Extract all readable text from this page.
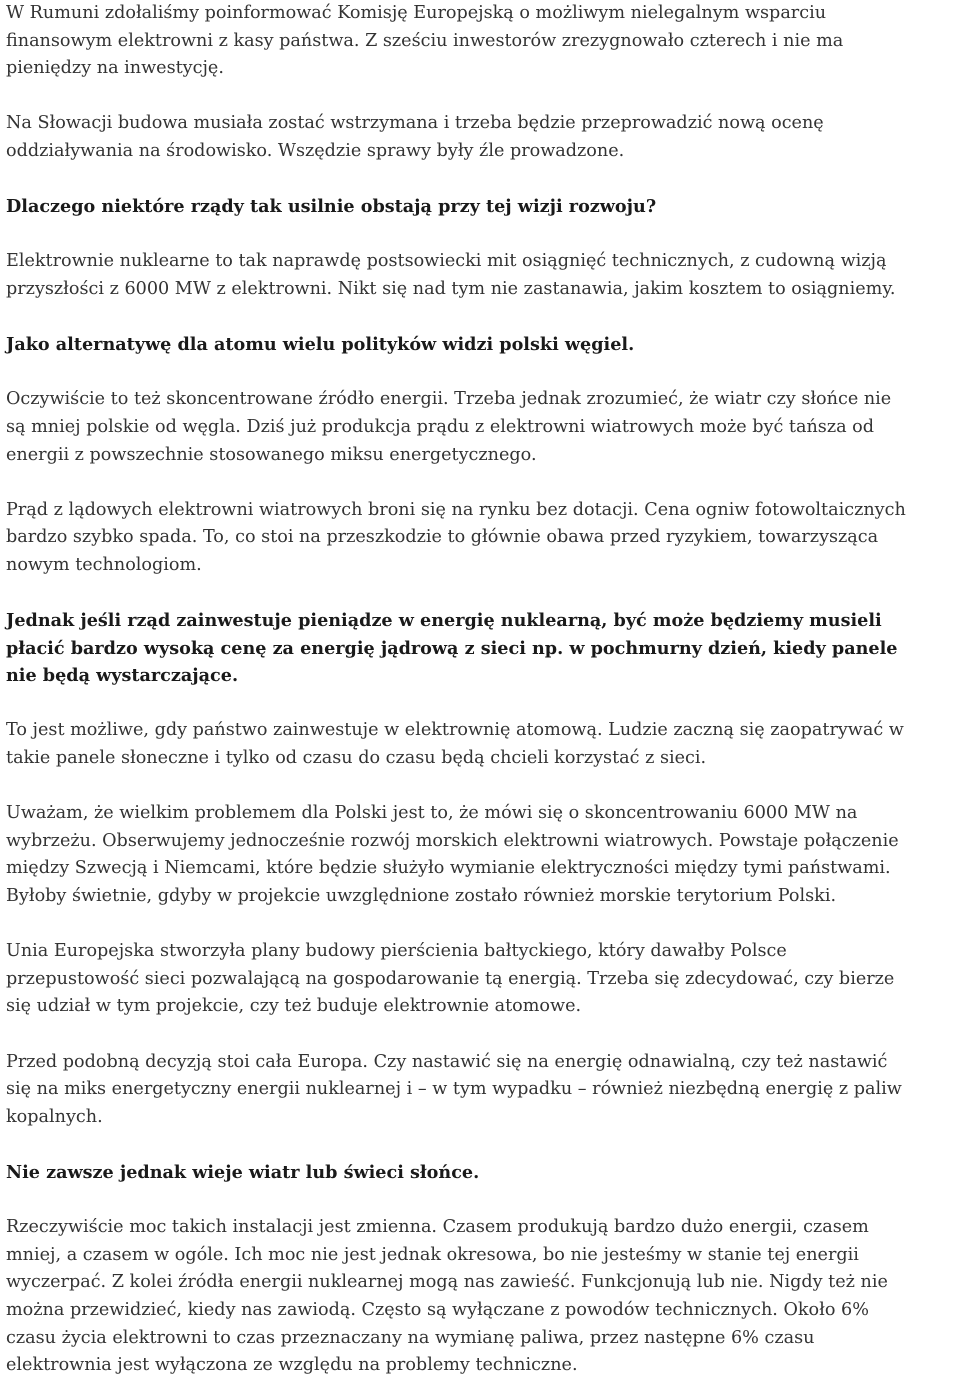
W Rumuni zdołaliśmy poinformować Komisję Europejską o możliwym nielegalnym wsparciu
finansowym elektrowni z kasy państwa. Z sześciu inwestorów zrezygnowało czterech i nie ma
pieniędzy na inwestycję.

Na Słowacji budowa musiała zostać wstrzymana i trzeba będzie przeprowadzić nową ocenę
oddziaływania na środowisko. Wszędzie sprawy były źle prowadzone.

Dlaczego niektóre rządy tak usilnie obstają przy tej wizji rozwoju?

Elektrownie nuklearne to tak naprawdę postsowiecki mit osiągnięć technicznych, z cudowną wizją
przyszłości z 6000 MW z elektrowni. Nikt się nad tym nie zastanawia, jakim kosztem to osiągniemy.

Jako alternatywę dla atomu wielu polityków widzi polski węgiel.

Oczywiście to też skoncentrowane źródło energii. Trzeba jednak zrozumieć, że wiatr czy słońce nie
są mniej polskie od węgla. Dziś już produkcja prądu z elektrowni wiatrowych może być tańsza od
energii z powszechnie stosowanego miksu energetycznego.

Prąd z lądowych elektrowni wiatrowych broni się na rynku bez dotacji. Cena ogniw fotowoltaicznych
bardzo szybko spada. To, co stoi na przeszkodzie to głównie obawa przed ryzykiem, towarzysząca
nowym technologiom.

Jednak jeśli rząd zainwestuje pieniądze w energię nuklearną, być może będziemy musieli
płacić bardzo wysoką cenę za energię jądrową z sieci np. w pochmurny dzień, kiedy panele
nie będą wystarczające.

To jest możliwe, gdy państwo zainwestuje w elektrownię atomową. Ludzie zaczną się zaopatrywać w
takie panele słoneczne i tylko od czasu do czasu będą chcieli korzystać z sieci.

Uważam, że wielkim problemem dla Polski jest to, że mówi się o skoncentrowaniu 6000 MW na
wybrzeżu. Obserwujemy jednocześnie rozwój morskich elektrowni wiatrowych. Powstaje połączenie
między Szwecją i Niemcami, które będzie służyło wymianie elektryczności między tymi państwami.
Byłoby świetnie, gdyby w projekcie uwzględnione zostało również morskie terytorium Polski.

Unia Europejska stworzyła plany budowy pierścienia bałtyckiego, który dawałby Polsce
przepustowość sieci pozwalającą na gospodarowanie tą energią. Trzeba się zdecydować, czy bierze
się udział w tym projekcie, czy też buduje elektrownie atomowe.

Przed podobną decyzją stoi cała Europa. Czy nastawić się na energię odnawialną, czy też nastawić
się na miks energetyczny energii nuklearnej i – w tym wypadku – również niezbędną energię z paliw
kopalnych.

Nie zawsze jednak wieje wiatr lub świeci słońce.

Rzeczywiście moc takich instalacji jest zmienna. Czasem produkują bardzo dużo energii, czasem
mniej, a czasem w ogóle. Ich moc nie jest jednak okresowa, bo nie jesteśmy w stanie tej energii
wyczerpać. Z kolei źródła energii nuklearnej mogą nas zawieść. Funkcjonują lub nie. Nigdy też nie
można przewidzieć, kiedy nas zawiodą. Często są wyłączane z powodów technicznych. Około 6%
czasu życia elektrowni to czas przeznaczany na wymianę paliwa, przez następne 6% czasu
elektrownia jest wyłączona ze względu na problemy techniczne.
